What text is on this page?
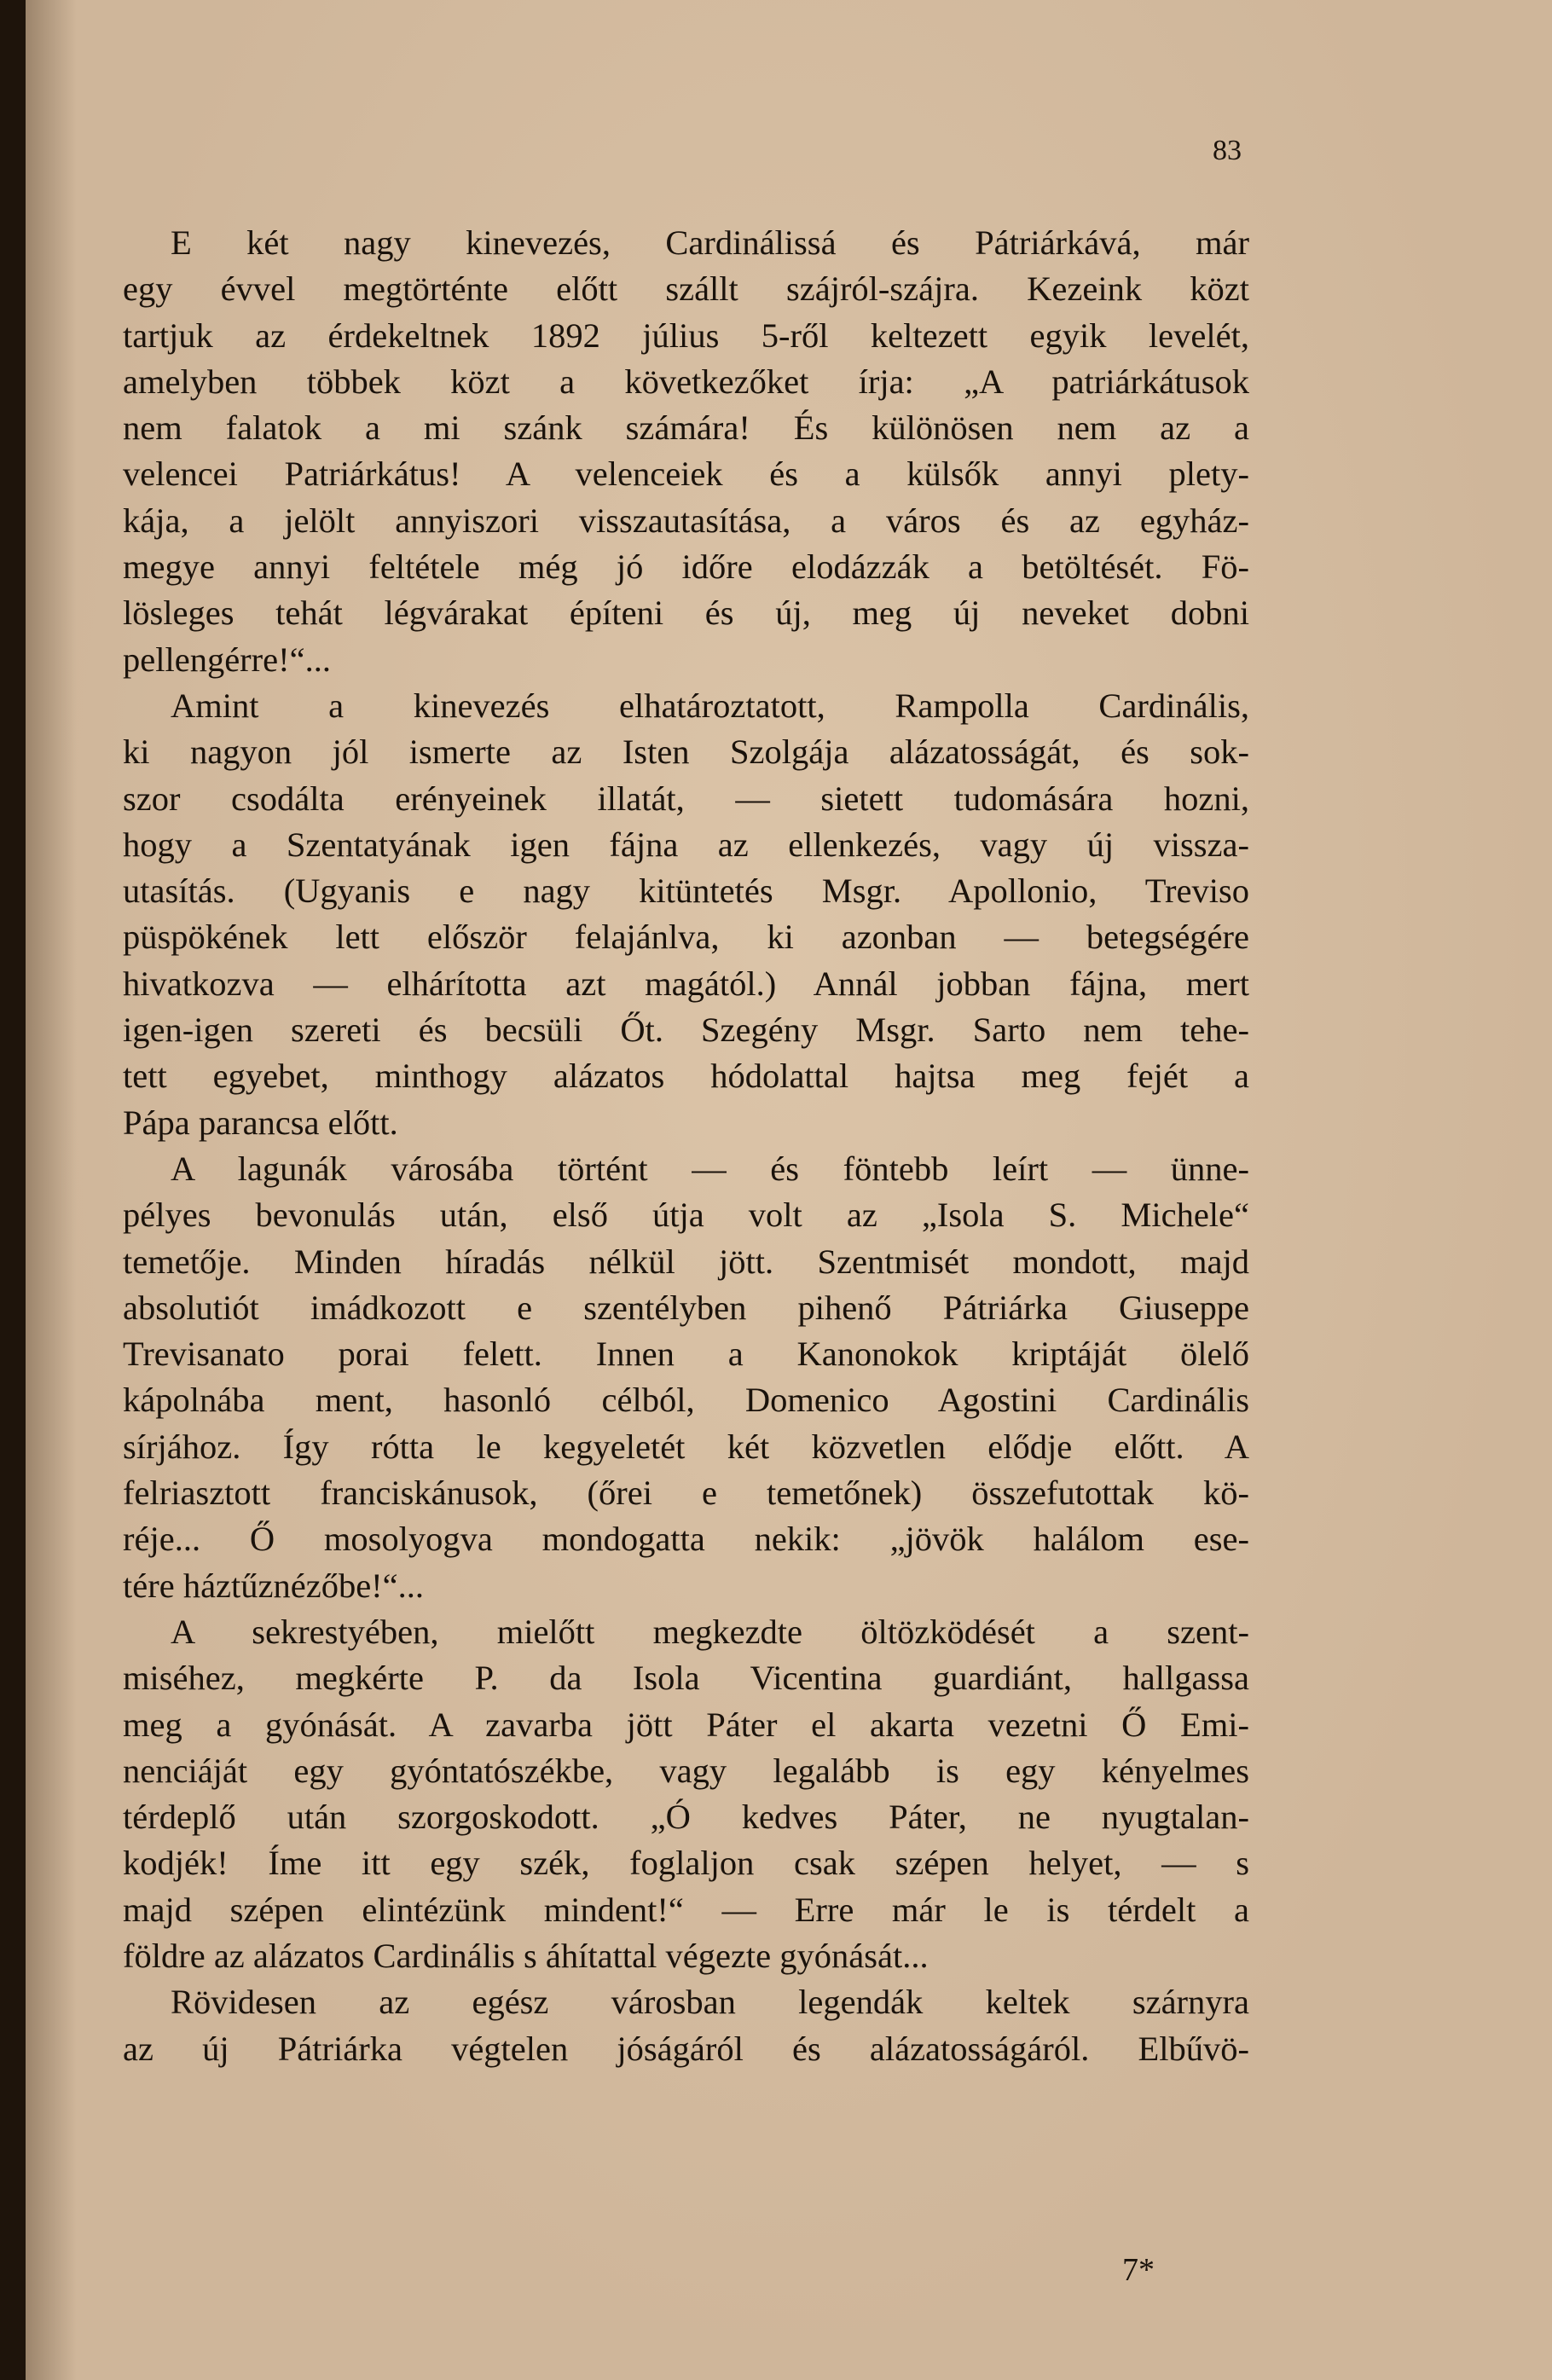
83

E két nagy kinevezés, Cardinálissá és Pátriárkává, már
egy évvel megtörténte előtt szállt szájról-szájra. Kezeink közt
tartjuk az érdekeltnek 1892 július 5-ről keltezett egyik levelét,
amelyben többek közt a következőket írja: „A patriárkátusok
nem falatok a mi szánk számára! És különösen nem az a
velencei Patriárkátus! A velenceiek és a külsők annyi plety-
kája, a jelölt annyiszori visszautasítása, a város és az egyház-
megye annyi feltétele még jó időre elodázzák a betöltését. Fö-
lösleges tehát légvárakat építeni és új, meg új neveket dobni
pellengérre!“...
Amint a kinevezés elhatároztatott, Rampolla Cardinális,
ki nagyon jól ismerte az Isten Szolgája alázatosságát, és sok-
szor csodálta erényeinek illatát, — sietett tudomására hozni,
hogy a Szentatyának igen fájna az ellenkezés, vagy új vissza-
utasítás. (Ugyanis e nagy kitüntetés Msgr. Apollonio, Treviso
püspökének lett először felajánlva, ki azonban — betegségére
hivatkozva — elhárította azt magától.) Annál jobban fájna, mert
igen-igen szereti és becsüli Őt. Szegény Msgr. Sarto nem tehe-
tett egyebet, minthogy alázatos hódolattal hajtsa meg fejét a
Pápa parancsa előtt.
A lagunák városába történt — és föntebb leírt — ünne-
pélyes bevonulás után, első útja volt az „Isola S. Michele“
temetője. Minden híradás nélkül jött. Szentmisét mondott, majd
absolutiót imádkozott e szentélyben pihenő Pátriárka Giuseppe
Trevisanato porai felett. Innen a Kanonokok kriptáját ölelő
kápolnába ment, hasonló célból, Domenico Agostini Cardinális
sírjához. Így rótta le kegyeletét két közvetlen elődje előtt. A
felriasztott franciskánusok, (őrei e temetőnek) összefutottak kö-
réje... Ő mosolyogva mondogatta nekik: „jövök halálom ese-
tére háztűznézőbe!“...
A sekrestyében, mielőtt megkezdte öltözködését a szent-
miséhez, megkérte P. da Isola Vicentina guardiánt, hallgassa
meg a gyónását. A zavarba jött Páter el akarta vezetni Ő Emi-
nenciáját egy gyóntatószékbe, vagy legalább is egy kényelmes
térdeplő után szorgoskodott. „Ó kedves Páter, ne nyugtalan-
kodjék! Íme itt egy szék, foglaljon csak szépen helyet, — s
majd szépen elintézünk mindent!“ — Erre már le is térdelt a
földre az alázatos Cardinális s áhítattal végezte gyónását...
Rövidesen az egész városban legendák keltek szárnyra
az új Pátriárka végtelen jóságáról és alázatosságáról. Elbűvö-

7*
